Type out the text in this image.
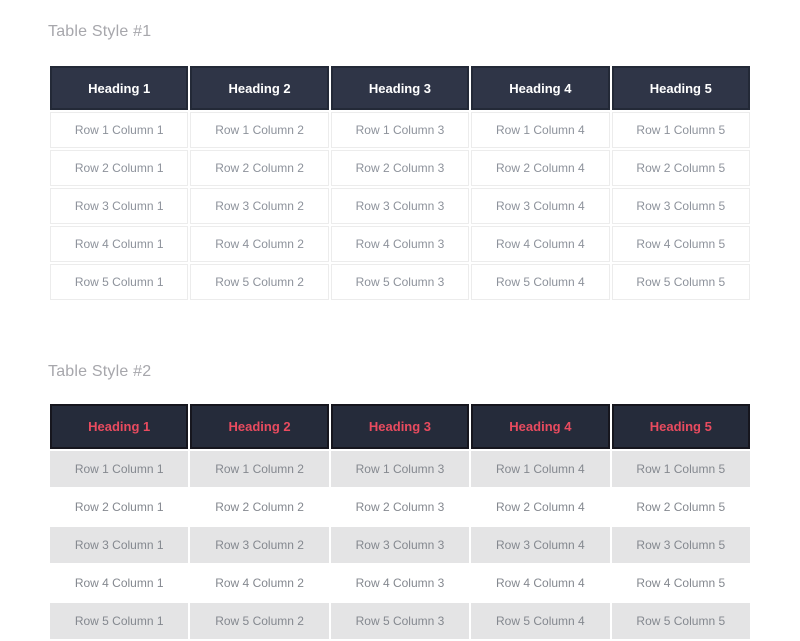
Table Style #1
Heading 1	Heading 2	Heading 3	Heading 4	Heading 5
Row 1 Column 1	Row 1 Column 2	Row 1 Column 3	Row 1 Column 4	Row 1 Column 5
Row 2 Column 1	Row 2 Column 2	Row 2 Column 3	Row 2 Column 4	Row 2 Column 5
Row 3 Column 1	Row 3 Column 2	Row 3 Column 3	Row 3 Column 4	Row 3 Column 5
Row 4 Column 1	Row 4 Column 2	Row 4 Column 3	Row 4 Column 4	Row 4 Column 5
Row 5 Column 1	Row 5 Column 2	Row 5 Column 3	Row 5 Column 4	Row 5 Column 5
Table Style #2
Heading 1	Heading 2	Heading 3	Heading 4	Heading 5
Row 1 Column 1	Row 1 Column 2	Row 1 Column 3	Row 1 Column 4	Row 1 Column 5
Row 2 Column 1	Row 2 Column 2	Row 2 Column 3	Row 2 Column 4	Row 2 Column 5
Row 3 Column 1	Row 3 Column 2	Row 3 Column 3	Row 3 Column 4	Row 3 Column 5
Row 4 Column 1	Row 4 Column 2	Row 4 Column 3	Row 4 Column 4	Row 4 Column 5
Row 5 Column 1	Row 5 Column 2	Row 5 Column 3	Row 5 Column 4	Row 5 Column 5
